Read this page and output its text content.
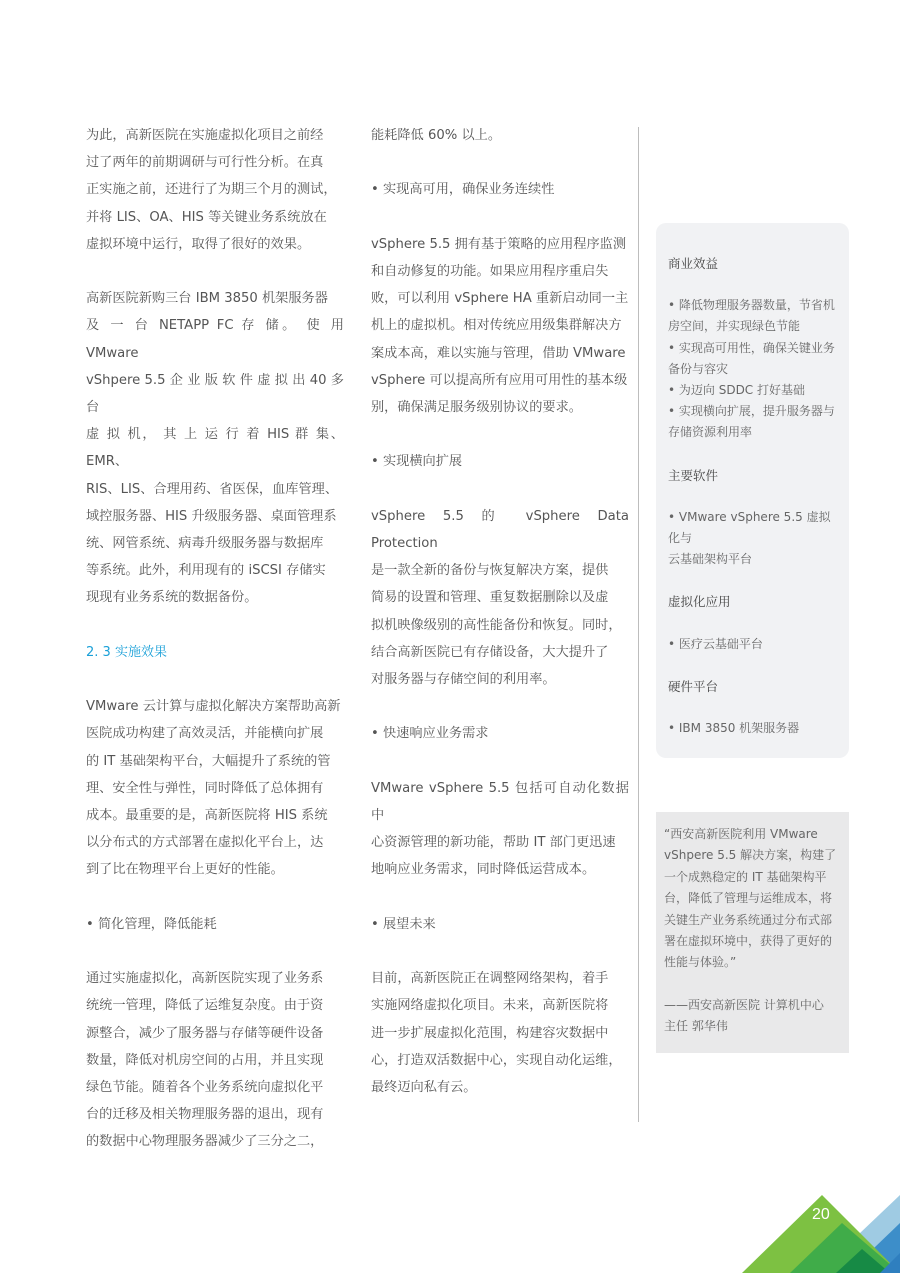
为此，高新医院在实施虚拟化项目之前经

过了两年的前期调研与可行性分析。在真

正实施之前，还进行了为期三个月的测试，

并将 LIS、OA、HIS 等关键业务系统放在

虚拟环境中运行，取得了很好的效果。

高新医院新购三台 IBM 3850 机架服务器

及 一 台 NETAPP FC 存 储。 使 用 VMware

vShpere 5.5 企 业 版 软 件 虚 拟 出 40 多 台

虚 拟 机， 其 上 运 行 着 HIS 群 集、EMR、

RIS、LIS、合理用药、省医保，血库管理、

域控服务器、HIS 升级服务器、桌面管理系

统、网管系统、病毒升级服务器与数据库

等系统。此外，利用现有的 iSCSI 存储实

现现有业务系统的数据备份。

2. 3 实施效果

VMware 云计算与虚拟化解决方案帮助高新

医院成功构建了高效灵活，并能横向扩展

的 IT 基础架构平台，大幅提升了系统的管

理、安全性与弹性，同时降低了总体拥有

成本。最重要的是，高新医院将 HIS 系统

以分布式的方式部署在虚拟化平台上，达

到了比在物理平台上更好的性能。

• 简化管理，降低能耗

通过实施虚拟化，高新医院实现了业务系

统统一管理，降低了运维复杂度。由于资

源整合，减少了服务器与存储等硬件设备

数量，降低对机房空间的占用，并且实现

绿色节能。随着各个业务系统向虚拟化平

台的迁移及相关物理服务器的退出，现有

的数据中心物理服务器减少了三分之二，

能耗降低 60% 以上。

• 实现高可用，确保业务连续性

vSphere 5.5 拥有基于策略的应用程序监测

和自动修复的功能。如果应用程序重启失

败，可以利用 vSphere HA 重新启动同一主

机上的虚拟机。相对传统应用级集群解决方

案成本高，难以实施与管理，借助 VMware

vSphere 可以提高所有应用可用性的基本级

别，确保满足服务级别协议的要求。

• 实现横向扩展

vSphere 5.5 的 vSphere Data Protection

是一款全新的备份与恢复解决方案，提供

简易的设置和管理、重复数据删除以及虚

拟机映像级别的高性能备份和恢复。同时，

结合高新医院已有存储设备，大大提升了

对服务器与存储空间的利用率。

• 快速响应业务需求

VMware vSphere 5.5 包括可自动化数据中

心资源管理的新功能，帮助 IT 部门更迅速

地响应业务需求，同时降低运营成本。

• 展望未来

目前，高新医院正在调整网络架构，着手

实施网络虚拟化项目。未来，高新医院将

进一步扩展虚拟化范围，构建容灾数据中

心，打造双活数据中心，实现自动化运维，

最终迈向私有云。

商业效益

• 降低物理服务器数量，节省机
房空间，并实现绿色节能
• 实现高可用性，确保关键业务
备份与容灾
• 为迈向 SDDC 打好基础
• 实现横向扩展，提升服务器与
存储资源利用率

主要软件

• VMware vSphere 5.5 虚拟化与
云基础架构平台

虚拟化应用

• 医疗云基础平台

硬件平台

• IBM 3850 机架服务器

“西安高新医院利用 VMware

vShpere 5.5 解决方案，构建了

一个成熟稳定的 IT 基础架构平

台，降低了管理与运维成本，将

关键生产业务系统通过分布式部

署在虚拟环境中，获得了更好的

性能与体验。”

——西安高新医院 计算机中心

主任 郭华伟

20
